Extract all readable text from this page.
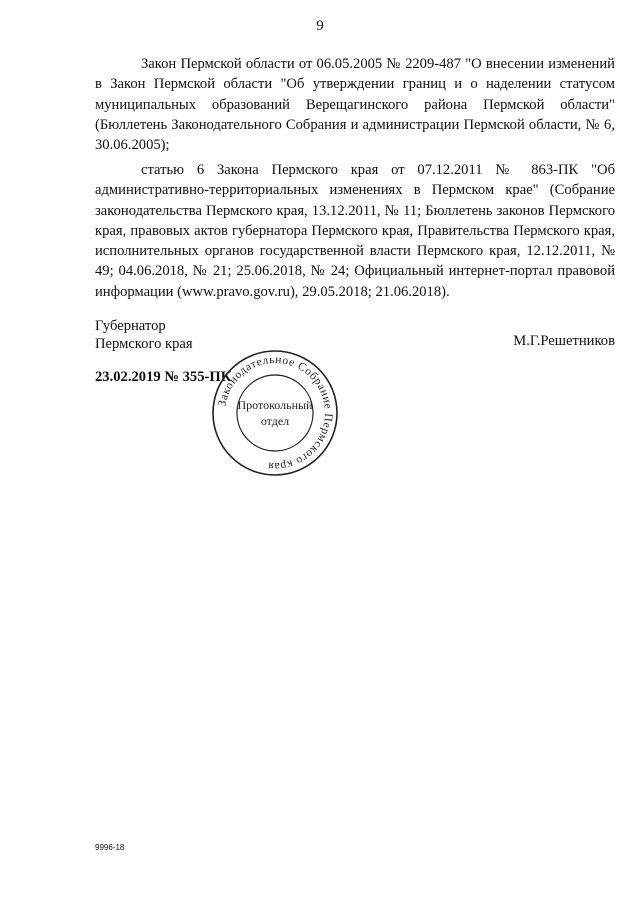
9

Закон Пермской области от 06.05.2005 № 2209-487 "О внесении изменений в Закон Пермской области "Об утверждении границ и о наделении статусом муниципальных образований Верещагинского района Пермской области" (Бюллетень Законодательного Собрания и администрации Пермской области, № 6, 30.06.2005);

статью 6 Закона Пермского края от 07.12.2011 № 863-ПК "Об административно-территориальных изменениях в Пермском крае" (Собрание законодательства Пермского края, 13.12.2011, № 11; Бюллетень законов Пермского края, правовых актов губернатора Пермского края, Правительства Пермского края, исполнительных органов государственной власти Пермского края, 12.12.2011, № 49; 04.06.2018, № 21; 25.06.2018, № 24; Официальный интернет-портал правовой информации (www.pravo.gov.ru), 29.05.2018; 21.06.2018).

Губернатор
Пермского края	М.Г.Решетников
23.02.2019 № 355-ПК
Законодательное Собрание Пермского края
Протокольный
отдел
9996-18
